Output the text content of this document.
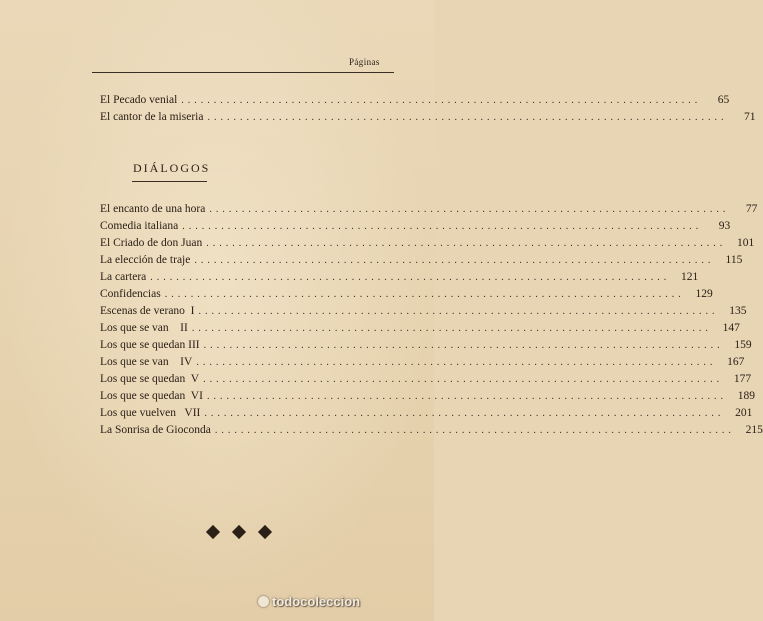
Páginas
El Pecado venial ................................................................................	65
El cantor de la miseria ................................................................................	71
DIÁLOGOS
El encanto de una hora ................................................................................	77
Comedia italiana ................................................................................	93
El Criado de don Juan ................................................................................ 101
La elección de traje ................................................................................ 115
La cartera ................................................................................ 121
Confidencias ................................................................................ 129
Escenas de verano  I ................................................................................ 135
Los que se van    II ................................................................................ 147
Los que se quedan III ................................................................................ 159
Los que se van    IV ................................................................................ 167
Los que se quedan  V ................................................................................ 177
Los que se quedan  VI ................................................................................ 189
Los que vuelven   VII ................................................................................ 201
La Sonrisa de Gioconda ................................................................................ 215
todocoleccion
